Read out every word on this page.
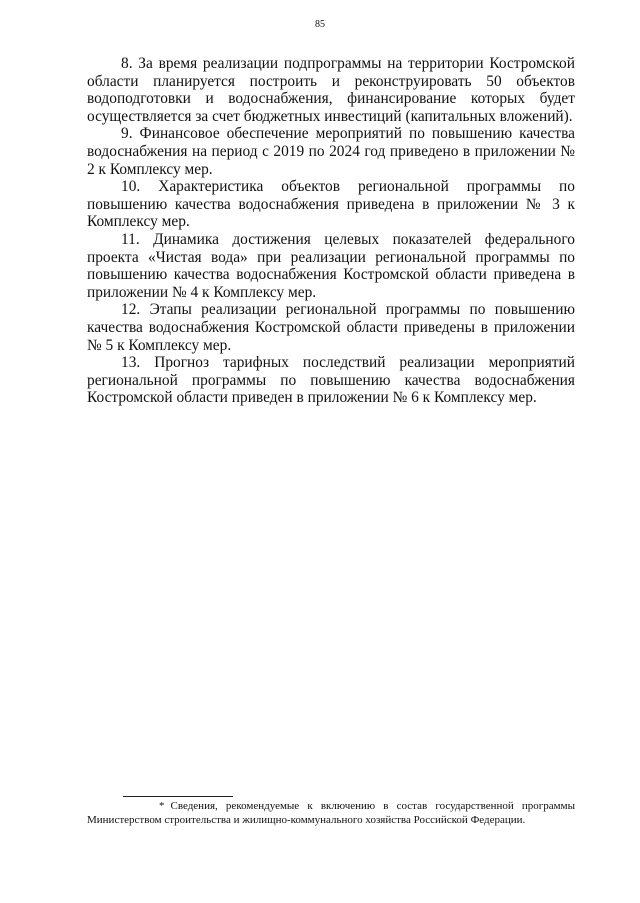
85

8. За время реализации подпрограммы на территории Костромской области планируется построить и реконструировать 50 объектов водоподготовки и водоснабжения, финансирование которых будет осуществляется за счет бюджетных инвестиций (капитальных вложений).

9. Финансовое обеспечение мероприятий по повышению качества водоснабжения на период с 2019 по 2024 год приведено в приложении № 2 к Комплексу мер.

10. Характеристика объектов региональной программы по повышению качества водоснабжения приведена в приложении № 3 к Комплексу мер.

11. Динамика достижения целевых показателей федерального проекта «Чистая вода» при реализации региональной программы по повышению качества водоснабжения Костромской области приведена в приложении № 4 к Комплексу мер.

12. Этапы реализации региональной программы по повышению качества водоснабжения Костромской области приведены в приложении № 5 к Комплексу мер.

13. Прогноз тарифных последствий реализации мероприятий региональной программы по повышению качества водоснабжения Костромской области приведен в приложении № 6 к Комплексу мер.

* Сведения, рекомендуемые к включению в состав государственной программы Министерством строительства и жилищно-коммунального хозяйства Российской Федерации.
